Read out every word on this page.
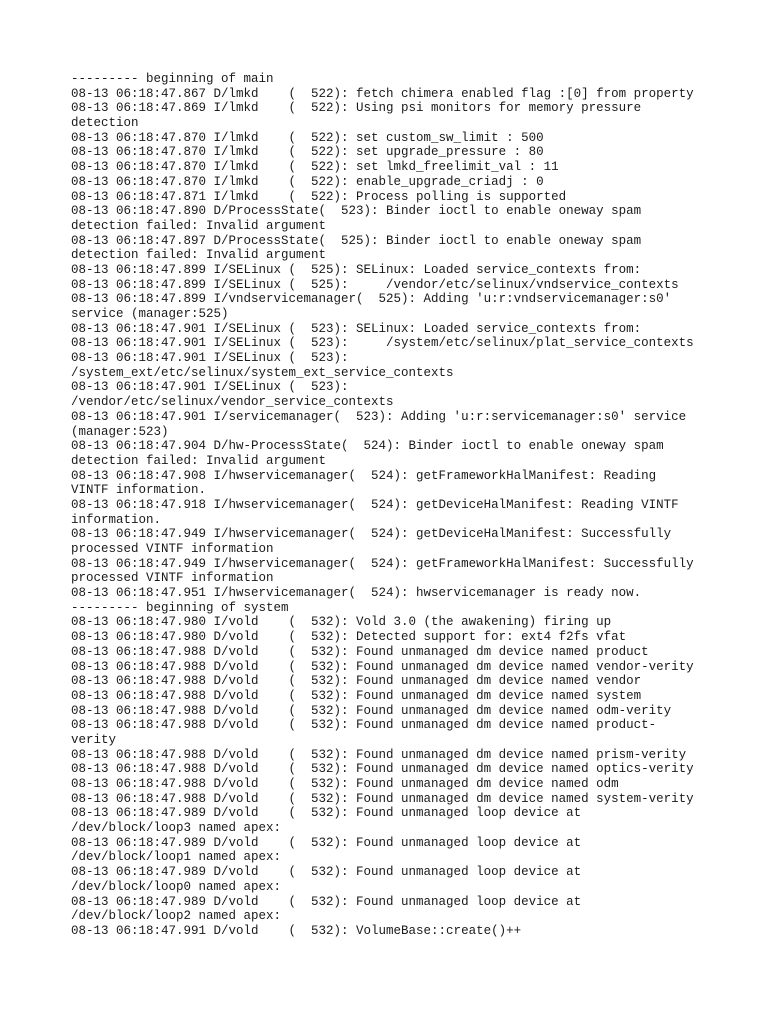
--------- beginning of main
08-13 06:18:47.867 D/lmkd    (  522): fetch chimera enabled flag :[0] from property
08-13 06:18:47.869 I/lmkd    (  522): Using psi monitors for memory pressure
detection
08-13 06:18:47.870 I/lmkd    (  522): set custom_sw_limit : 500
08-13 06:18:47.870 I/lmkd    (  522): set upgrade_pressure : 80
08-13 06:18:47.870 I/lmkd    (  522): set lmkd_freelimit_val : 11
08-13 06:18:47.870 I/lmkd    (  522): enable_upgrade_criadj : 0
08-13 06:18:47.871 I/lmkd    (  522): Process polling is supported
08-13 06:18:47.890 D/ProcessState(  523): Binder ioctl to enable oneway spam
detection failed: Invalid argument
08-13 06:18:47.897 D/ProcessState(  525): Binder ioctl to enable oneway spam
detection failed: Invalid argument
08-13 06:18:47.899 I/SELinux (  525): SELinux: Loaded service_contexts from:
08-13 06:18:47.899 I/SELinux (  525):     /vendor/etc/selinux/vndservice_contexts
08-13 06:18:47.899 I/vndservicemanager(  525): Adding 'u:r:vndservicemanager:s0'
service (manager:525)
08-13 06:18:47.901 I/SELinux (  523): SELinux: Loaded service_contexts from:
08-13 06:18:47.901 I/SELinux (  523):     /system/etc/selinux/plat_service_contexts
08-13 06:18:47.901 I/SELinux (  523):
/system_ext/etc/selinux/system_ext_service_contexts
08-13 06:18:47.901 I/SELinux (  523):
/vendor/etc/selinux/vendor_service_contexts
08-13 06:18:47.901 I/servicemanager(  523): Adding 'u:r:servicemanager:s0' service
(manager:523)
08-13 06:18:47.904 D/hw-ProcessState(  524): Binder ioctl to enable oneway spam
detection failed: Invalid argument
08-13 06:18:47.908 I/hwservicemanager(  524): getFrameworkHalManifest: Reading
VINTF information.
08-13 06:18:47.918 I/hwservicemanager(  524): getDeviceHalManifest: Reading VINTF
information.
08-13 06:18:47.949 I/hwservicemanager(  524): getDeviceHalManifest: Successfully
processed VINTF information
08-13 06:18:47.949 I/hwservicemanager(  524): getFrameworkHalManifest: Successfully
processed VINTF information
08-13 06:18:47.951 I/hwservicemanager(  524): hwservicemanager is ready now.
--------- beginning of system
08-13 06:18:47.980 I/vold    (  532): Vold 3.0 (the awakening) firing up
08-13 06:18:47.980 D/vold    (  532): Detected support for: ext4 f2fs vfat
08-13 06:18:47.988 D/vold    (  532): Found unmanaged dm device named product
08-13 06:18:47.988 D/vold    (  532): Found unmanaged dm device named vendor-verity
08-13 06:18:47.988 D/vold    (  532): Found unmanaged dm device named vendor
08-13 06:18:47.988 D/vold    (  532): Found unmanaged dm device named system
08-13 06:18:47.988 D/vold    (  532): Found unmanaged dm device named odm-verity
08-13 06:18:47.988 D/vold    (  532): Found unmanaged dm device named product-
verity
08-13 06:18:47.988 D/vold    (  532): Found unmanaged dm device named prism-verity
08-13 06:18:47.988 D/vold    (  532): Found unmanaged dm device named optics-verity
08-13 06:18:47.988 D/vold    (  532): Found unmanaged dm device named odm
08-13 06:18:47.988 D/vold    (  532): Found unmanaged dm device named system-verity
08-13 06:18:47.989 D/vold    (  532): Found unmanaged loop device at
/dev/block/loop3 named apex:
08-13 06:18:47.989 D/vold    (  532): Found unmanaged loop device at
/dev/block/loop1 named apex:
08-13 06:18:47.989 D/vold    (  532): Found unmanaged loop device at
/dev/block/loop0 named apex:
08-13 06:18:47.989 D/vold    (  532): Found unmanaged loop device at
/dev/block/loop2 named apex:
08-13 06:18:47.991 D/vold    (  532): VolumeBase::create()++
